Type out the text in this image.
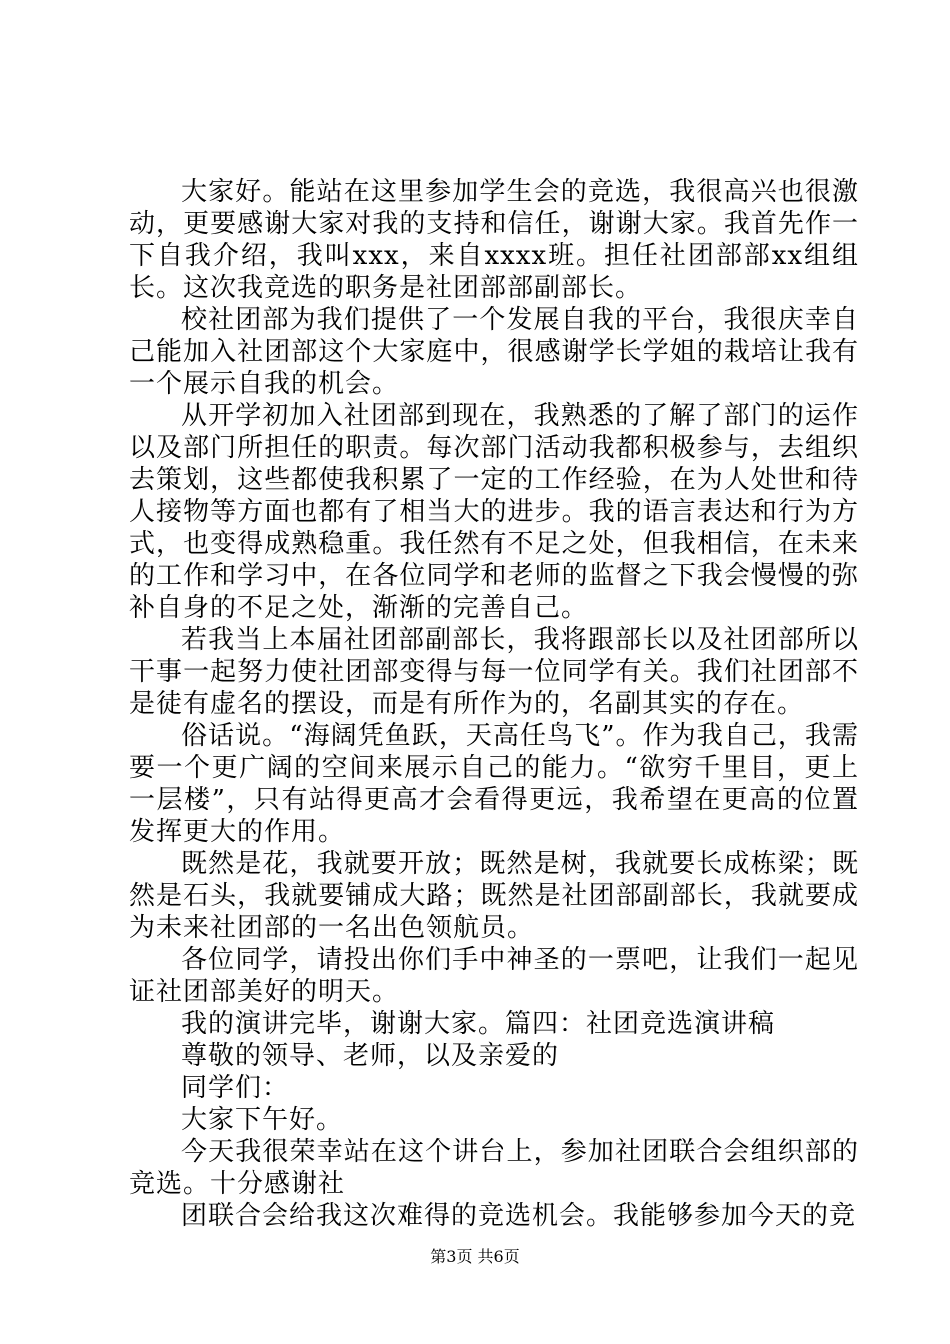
大家好。能站在这里参加学生会的竞选，我很高兴也很激动，更要感谢大家对我的支持和信任，谢谢大家。我首先作一下自我介绍，我叫xxx，来自xxxx班。担任社团部部xx组组长。这次我竞选的职务是社团部部副部长。

校社团部为我们提供了一个发展自我的平台，我很庆幸自己能加入社团部这个大家庭中，很感谢学长学姐的栽培让我有一个展示自我的机会。

从开学初加入社团部到现在，我熟悉的了解了部门的运作以及部门所担任的职责。每次部门活动我都积极参与，去组织去策划，这些都使我积累了一定的工作经验，在为人处世和待人接物等方面也都有了相当大的进步。我的语言表达和行为方式，也变得成熟稳重。我任然有不足之处，但我相信，在未来的工作和学习中，在各位同学和老师的监督之下我会慢慢的弥补自身的不足之处，渐渐的完善自己。

若我当上本届社团部副部长，我将跟部长以及社团部所以干事一起努力使社团部变得与每一位同学有关。我们社团部不是徒有虚名的摆设，而是有所作为的，名副其实的存在。

俗话说。“海阔凭鱼跃，天高任鸟飞”。作为我自己，我需要一个更广阔的空间来展示自己的能力。“欲穷千里目，更上一层楼”，只有站得更高才会看得更远，我希望在更高的位置发挥更大的作用。

既然是花，我就要开放；既然是树，我就要长成栋梁；既然是石头，我就要铺成大路；既然是社团部副部长，我就要成为未来社团部的一名出色领航员。

各位同学，请投出你们手中神圣的一票吧，让我们一起见证社团部美好的明天。

我的演讲完毕，谢谢大家。篇四：社团竞选演讲稿

尊敬的领导、老师，以及亲爱的

同学们：

大家下午好。

今天我很荣幸站在这个讲台上，参加社团联合会组织部的竞选。十分感谢社

团联合会给我这次难得的竞选机会。我能够参加今天的竞

第3页 共6页
